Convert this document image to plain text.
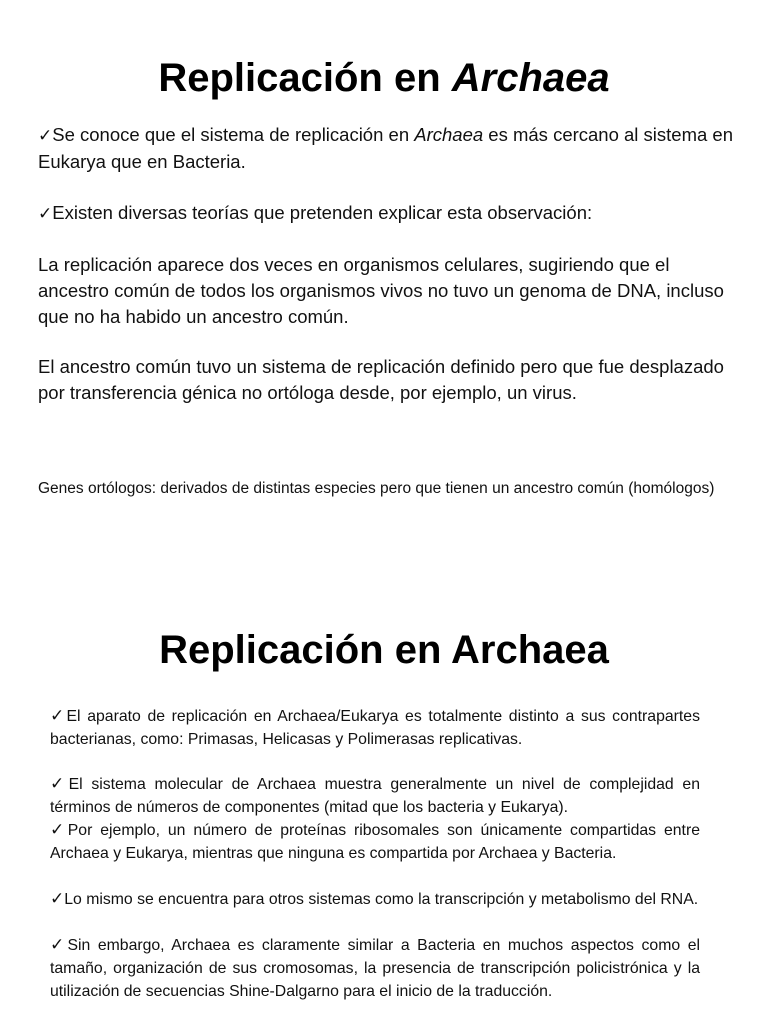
Replicación en Archaea

✓Se conoce que el sistema de replicación en Archaea es más cercano al sistema en Eukarya que en Bacteria.

✓Existen diversas teorías que pretenden explicar esta observación:

La replicación aparece dos veces en organismos celulares, sugiriendo que el ancestro común de todos los organismos vivos no tuvo un genoma de DNA, incluso que no ha habido un ancestro común.

El ancestro común tuvo un sistema de replicación definido pero que fue desplazado por transferencia génica no ortóloga desde, por ejemplo, un virus.

Genes ortólogos: derivados de distintas especies pero que tienen un ancestro común (homólogos)

Replicación en Archaea

✓El aparato de replicación en Archaea/Eukarya es totalmente distinto a sus contrapartes bacterianas, como: Primasas, Helicasas y Polimerasas replicativas.

✓El sistema molecular de Archaea muestra generalmente un nivel de complejidad en términos de números de componentes (mitad que los bacteria y Eukarya).

✓Por ejemplo, un número de proteínas ribosomales son únicamente compartidas entre Archaea y Eukarya, mientras que ninguna es compartida por Archaea y Bacteria.

✓Lo mismo se encuentra para otros sistemas como la transcripción y metabolismo del RNA.

✓Sin embargo, Archaea es claramente similar a Bacteria en muchos aspectos como el tamaño, organización de sus cromosomas, la presencia de transcripción policistrónica y la utilización de secuencias Shine-Dalgarno para el inicio de la traducción.
